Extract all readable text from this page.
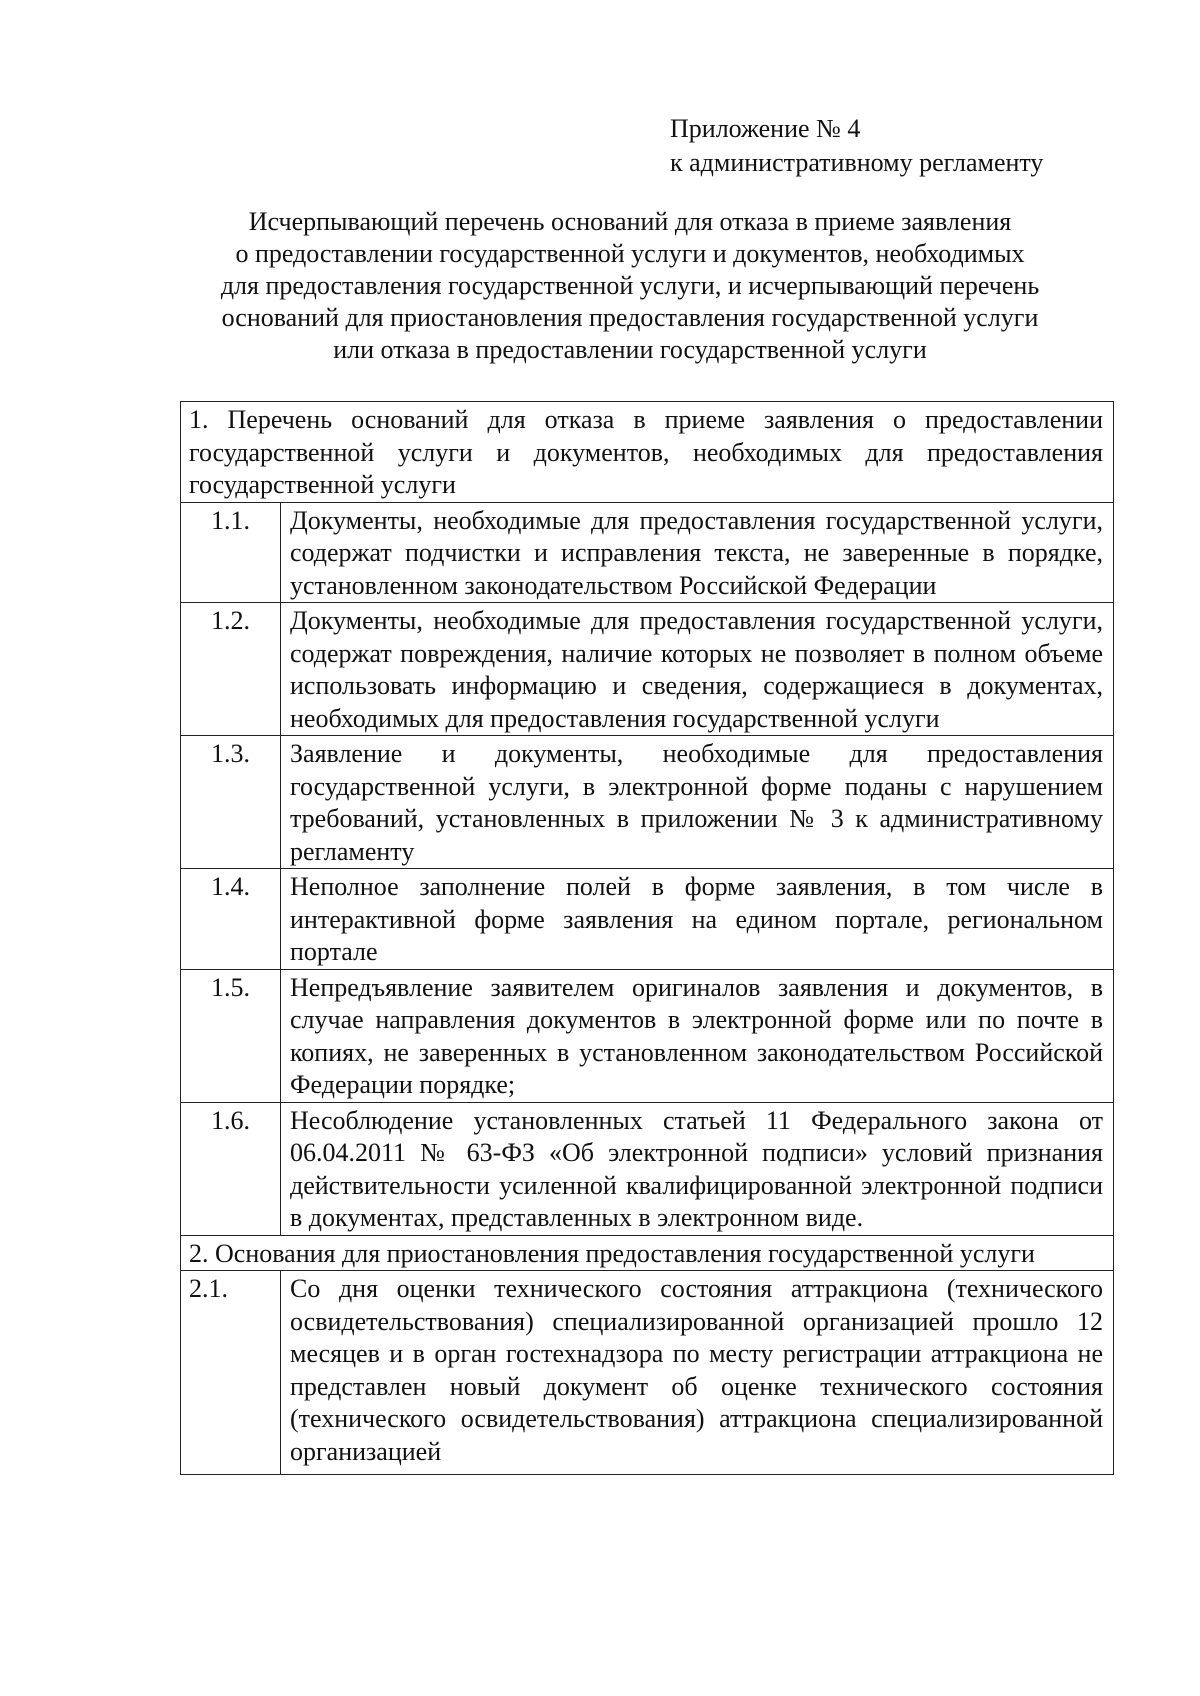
Приложение № 4
к административному регламенту
Исчерпывающий перечень оснований для отказа в приеме заявления
о предоставлении государственной услуги и документов, необходимых
для предоставления государственной услуги, и исчерпывающий перечень
оснований для приостановления предоставления государственной услуги
или отказа в предоставлении государственной услуги
1. Перечень оснований для отказа в приеме заявления о предоставлении государственной услуги и документов, необходимых для предоставления государственной услуги	
1.1.	Документы, необходимые для предоставления государственной услуги, содержат подчистки и исправления текста, не заверенные в порядке, установленном законодательством Российской Федерации
1.2.	Документы, необходимые для предоставления государственной услуги, содержат повреждения, наличие которых не позволяет в полном объеме использовать информацию и сведения, содержащиеся в документах, необходимых для предоставления государственной услуги
1.3.	Заявление и документы, необходимые для предоставления государственной услуги, в электронной форме поданы с нарушением требований, установленных в приложении № 3 к административному регламенту
1.4.	Неполное заполнение полей в форме заявления, в том числе в интерактивной форме заявления на едином портале, региональном портале
1.5.	Непредъявление заявителем оригиналов заявления и документов, в случае направления документов в электронной форме или по почте в копиях, не заверенных в установленном законодательством Российской Федерации порядке;
1.6.	Несоблюдение установленных статьей 11 Федерального закона от 06.04.2011 № 63-ФЗ «Об электронной подписи» условий признания действительности усиленной квалифицированной электронной подписи в документах, представленных в электронном виде.
2. Основания для приостановления предоставления государственной услуги	
2.1.	Со дня оценки технического состояния аттракциона (технического освидетельствования) специализированной организацией прошло 12 месяцев и в орган гостехнадзора по месту регистрации аттракциона не представлен новый документ об оценке технического состояния (технического освидетельствования) аттракциона специализированной организацией
